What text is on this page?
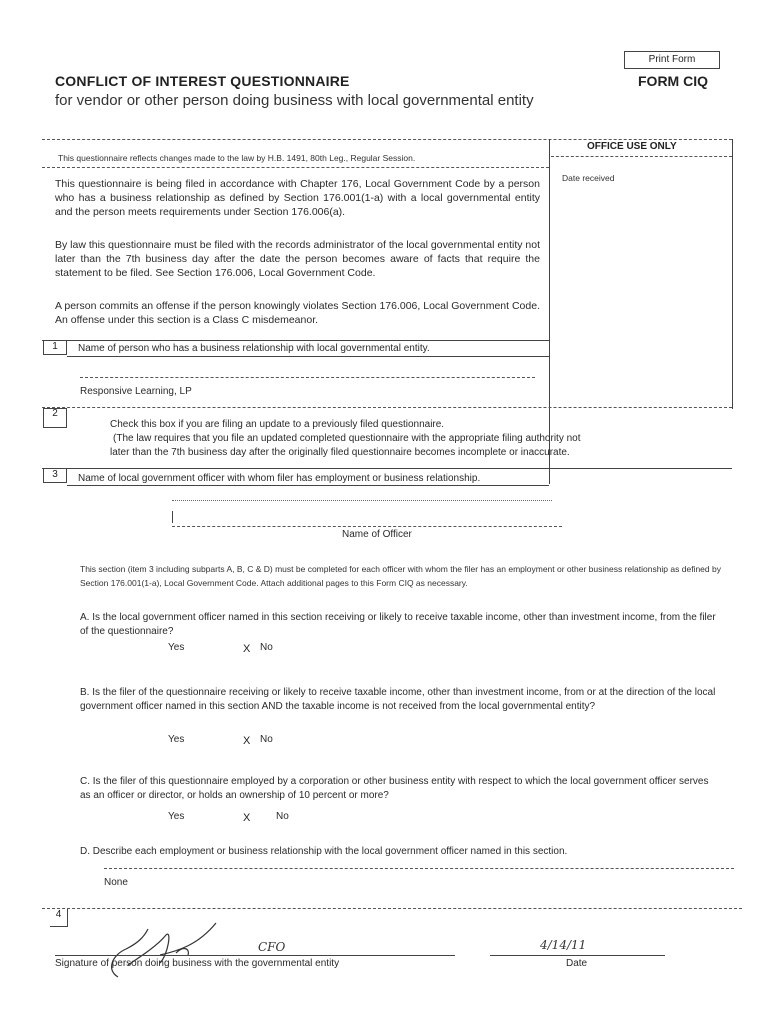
Print Form
CONFLICT OF INTEREST QUESTIONNAIRE	FORM CIQ
for vendor or other person doing business with local governmental entity
OFFICE USE ONLY
Date received
This questionnaire reflects changes made to the law by H.B. 1491, 80th Leg., Regular Session.
This questionnaire is being filed in accordance with Chapter 176, Local Government Code by a person who has a business relationship as defined by Section 176.001(1-a) with a local governmental entity and the person meets requirements under Section 176.006(a).
By law this questionnaire must be filed with the records administrator of the local governmental entity not later than the 7th business day after the date the person becomes aware of facts that require the statement to be filed. See Section 176.006, Local Government Code.
A person commits an offense if the person knowingly violates Section 176.006, Local Government Code. An offense under this section is a Class C misdemeanor.
1	Name of person who has a business relationship with local governmental entity.
Responsive Learning, LP
2
Check this box if you are filing an update to a previously filed questionnaire.
(The law requires that you file an updated completed questionnaire with the appropriate filing authority not
later than the 7th business day after the originally filed questionnaire becomes incomplete or inaccurate.
3	Name of local government officer with whom filer has employment or business relationship.
Name of Officer
This section (item 3 including subparts A, B, C & D) must be completed for each officer with whom the filer has an employment or other business relationship as defined by Section 176.001(1-a), Local Government Code. Attach additional pages to this Form CIQ as necessary.
A. Is the local government officer named in this section receiving or likely to receive taxable income, other than investment income, from the filer of the questionnaire?
Yes	X No
B. Is the filer of the questionnaire receiving or likely to receive taxable income, other than investment income, from or at the direction of the local government officer named in this section AND the taxable income is not received from the local governmental entity?
Yes	X No
C. Is the filer of this questionnaire employed by a corporation or other business entity with respect to which the local government officer serves as an officer or director, or holds an ownership of 10 percent or more?
Yes	X	No
D. Describe each employment or business relationship with the local government officer named in this section.
None
4
CFO
Signature of person doing business with the governmental entity
4/14/11
Date
